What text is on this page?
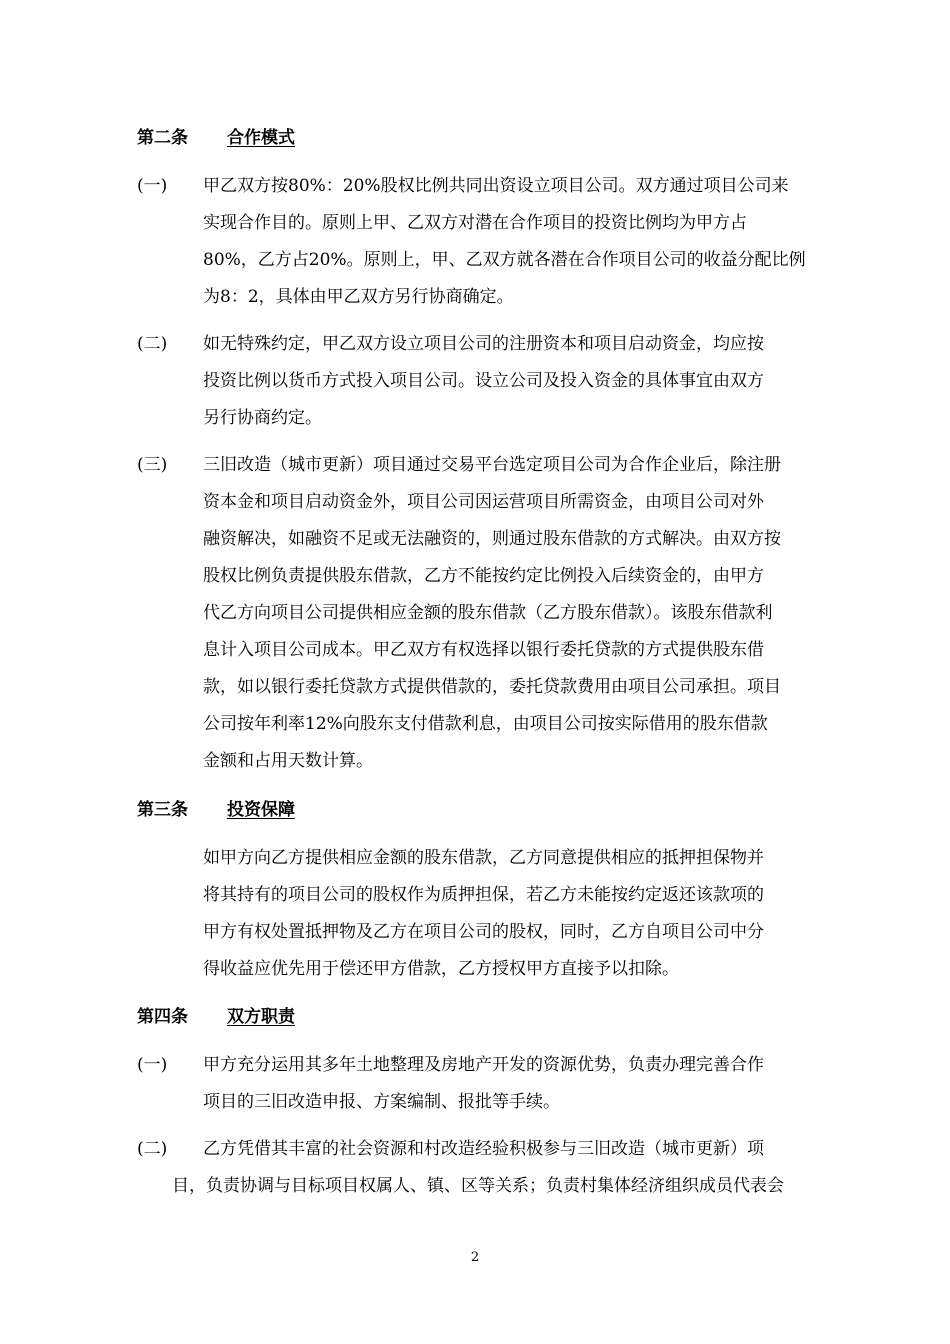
第二条 合作模式
(一) 甲乙双方按80%：20%股权比例共同出资设立项目公司。双方通过项目公司来
实现合作目的。原则上甲、乙双方对潜在合作项目的投资比例均为甲方占
80%，乙方占20%。原则上，甲、乙双方就各潜在合作项目公司的收益分配比例
为8：2，具体由甲乙双方另行协商确定。
(二) 如无特殊约定，甲乙双方设立项目公司的注册资本和项目启动资金，均应按
投资比例以货币方式投入项目公司。设立公司及投入资金的具体事宜由双方
另行协商约定。
(三) 三旧改造（城市更新）项目通过交易平台选定项目公司为合作企业后，除注册
资本金和项目启动资金外，项目公司因运营项目所需资金，由项目公司对外
融资解决，如融资不足或无法融资的，则通过股东借款的方式解决。由双方按
股权比例负责提供股东借款，乙方不能按约定比例投入后续资金的，由甲方
代乙方向项目公司提供相应金额的股东借款（乙方股东借款）。该股东借款利
息计入项目公司成本。甲乙双方有权选择以银行委托贷款的方式提供股东借
款，如以银行委托贷款方式提供借款的，委托贷款费用由项目公司承担。项目
公司按年利率12%向股东支付借款利息，由项目公司按实际借用的股东借款
金额和占用天数计算。
第三条 投资保障
如甲方向乙方提供相应金额的股东借款，乙方同意提供相应的抵押担保物并
将其持有的项目公司的股权作为质押担保，若乙方未能按约定返还该款项的
甲方有权处置抵押物及乙方在项目公司的股权，同时，乙方自项目公司中分
得收益应优先用于偿还甲方借款，乙方授权甲方直接予以扣除。
第四条 双方职责
(一) 甲方充分运用其多年土地整理及房地产开发的资源优势，负责办理完善合作
项目的三旧改造申报、方案编制、报批等手续。
(二) 乙方凭借其丰富的社会资源和村改造经验积极参与三旧改造（城市更新）项
目，负责协调与目标项目权属人、镇、区等关系；负责村集体经济组织成员代表会
2
